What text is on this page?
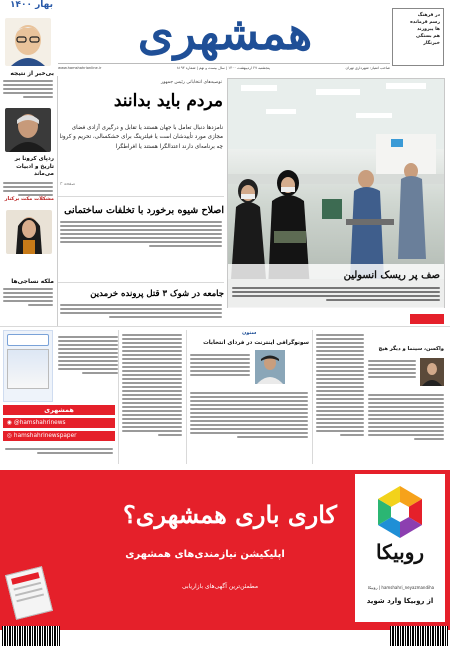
همشهری
بهار ۱۴۰۰
صاحب امتیاز: شهرداری تهران
پنجشنبه ۲۷ اردیبهشت ۱۴۰۰ | سال بیست و نهم | شماره ۸۱۹۳
www.hamshahrionline.ir
در فرهنگ
رسم فرمانده
ها پیروزند
هم بستگی
خبرنگار
بی‌خبر از نتیجه
ردپای کرونا بر تاریخ و ادبیات می‌ماند
مشکلات مکث برکنار
ملکه نساجی‌ها
توصیه‌های انتخاباتی رئیس جمهور
مردم باید بدانند

نامزدها دنبال تعامل با جهان هستند یا تقابل و درگیری آزادی فضای مجازی مورد تأییدشان است یا فیلترینگ برای خشکسالی، تحریم و کرونا چه برنامه‌ای دارند اعتدالگرا هستند یا افراطگرا

صفحه ۳
صف پر ریسک انسولین
اصلاح شیوه برخورد با تخلفات ساختمانی
جامعه در شوک ۳ قتل پرونده خرمدین
همشهری
◉ @hamshahrinews
◎ hamshahrinewspaper
ستون
سونوگرافی اینترنت در فردای انتخابات
واکسن، سینما و دیگر هیچ
روبیکا
hamshahri_neyazmandiha | روبیکا
از روبیکا وارد شوید
کاری باری همشهری؟
اپلیکیشن نیازمندی‌های همشهری
مطمئن‌ترین آگهی‌های بازاریابی
